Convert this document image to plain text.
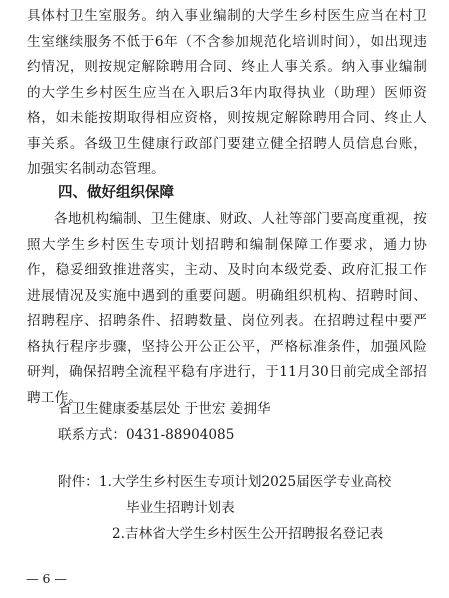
具体村卫生室服务。纳入事业编制的大学生乡村医生应当在村卫生室继续服务不低于6年（不含参加规范化培训时间），如出现违约情况，则按规定解除聘用合同、终止人事关系。纳入事业编制的大学生乡村医生应当在入职后3年内取得执业（助理）医师资格，如未能按期取得相应资格，则按规定解除聘用合同、终止人事关系。各级卫生健康行政部门要建立健全招聘人员信息台账，加强实名制动态管理。

四、做好组织保障

各地机构编制、卫生健康、财政、人社等部门要高度重视，按照大学生乡村医生专项计划招聘和编制保障工作要求，通力协作，稳妥细致推进落实，主动、及时向本级党委、政府汇报工作进展情况及实施中遇到的重要问题。明确组织机构、招聘时间、招聘程序、招聘条件、招聘数量、岗位列表。在招聘过程中要严格执行程序步骤，坚持公开公正公平，严格标准条件，加强风险研判，确保招聘全流程平稳有序进行，于11月30日前完成全部招聘工作。

省卫生健康委基层处 于世宏 姜拥华

联系方式：0431-88904085

附件： 1.大学生乡村医生专项计划2025届医学专业高校

毕业生招聘计划表

2.吉林省大学生乡村医生公开招聘报名登记表

— 6 —
